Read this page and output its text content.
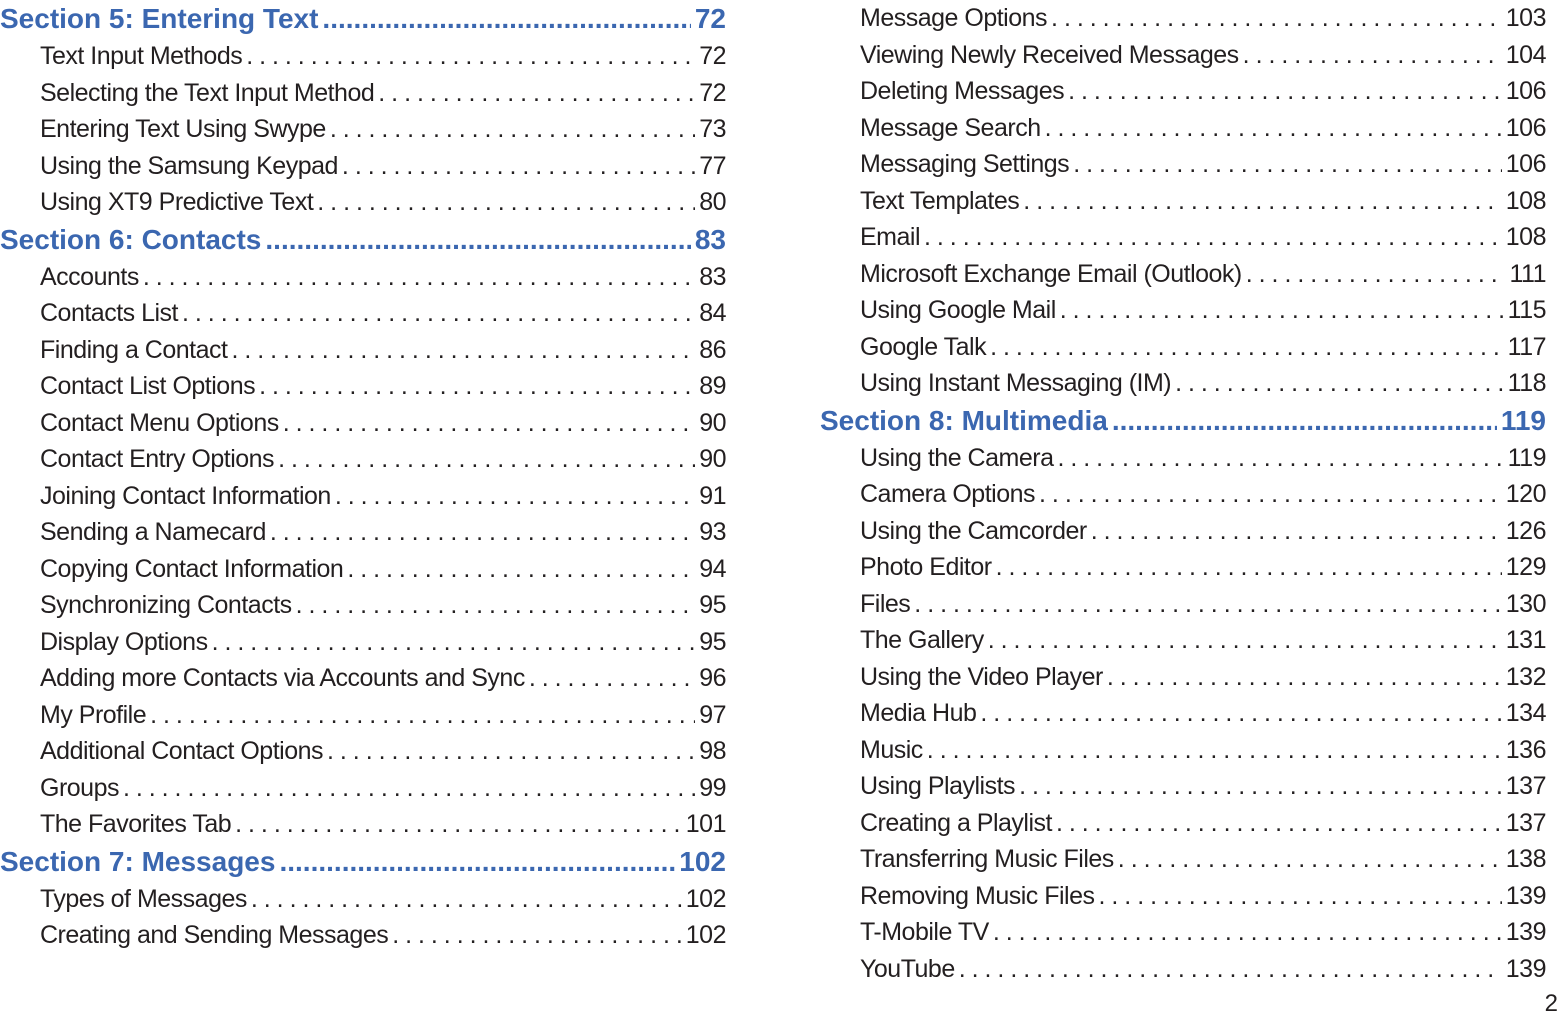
Section 5: Entering Text .....	72
Text Input Methods . . .	72
Selecting the Text Input Method . . .	72
Entering Text Using Swype . . .	73
Using the Samsung Keypad . . .	77
Using XT9 Predictive Text . . .	80
Section 6: Contacts .....	83
Accounts . . .	83
Contacts List . . .	84
Finding a Contact . . .	86
Contact List Options . . .	89
Contact Menu Options . . .	90
Contact Entry Options . . .	90
Joining Contact Information . . .	91
Sending a Namecard . . .	93
Copying Contact Information . . .	94
Synchronizing Contacts . . .	95
Display Options . . .	95
Adding more Contacts via Accounts and Sync . . .	96
My Profile . . .	97
Additional Contact Options . . .	98
Groups . . .	99
The Favorites Tab . . .	101
Section 7: Messages .....	102
Types of Messages . . .	102
Creating and Sending Messages . . .	102
Message Options . . .	103
Viewing Newly Received Messages . . .	104
Deleting Messages . . .	106
Message Search . . .	106
Messaging Settings . . .	106
Text Templates . . .	108
Email . . .	108
Microsoft Exchange Email (Outlook) . . .	111
Using Google Mail . . .	115
Google Talk . . .	117
Using Instant Messaging (IM) . . .	118
Section 8: Multimedia .....	119
Using the Camera . . .	119
Camera Options . . .	120
Using the Camcorder . . .	126
Photo Editor . . .	129
Files . . .	130
The Gallery . . .	131
Using the Video Player . . .	132
Media Hub . . .	134
Music . . .	136
Using Playlists . . .	137
Creating a Playlist . . .	137
Transferring Music Files . . .	138
Removing Music Files . . .	139
T-Mobile TV . . .	139
YouTube . . .	139
2
